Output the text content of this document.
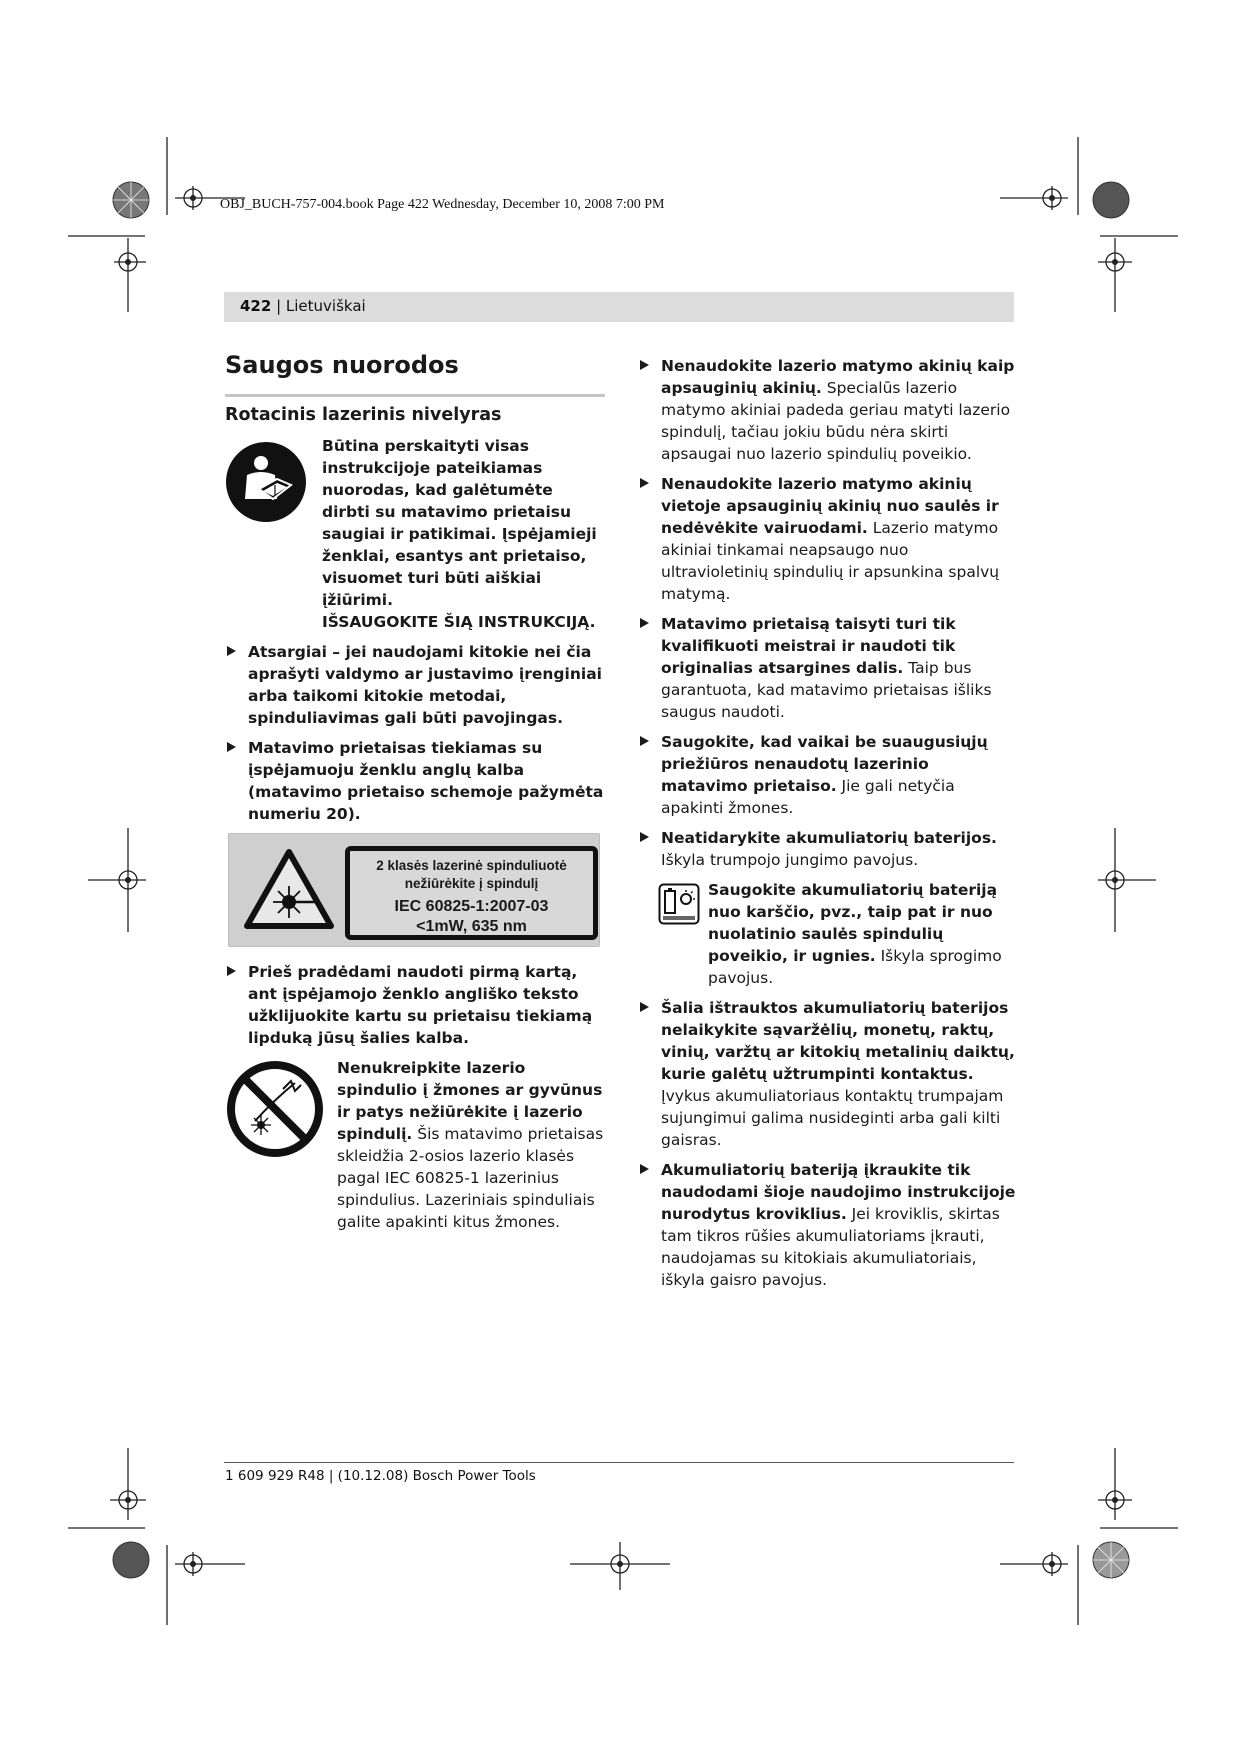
OBJ_BUCH-757-004.book Page 422 Wednesday, December 10, 2008 7:00 PM
422 | Lietuviškai
Saugos nuorodos
Rotacinis lazerinis nivelyras

Būtina perskaityti visas instrukcijoje pateikiamas nuorodas, kad galėtumėte dirbti su matavimo prietaisu saugiai ir patikimai. Įspėjamieji ženklai, esantys ant prietaiso, visuomet turi būti aiškiai įžiūrimi.

IŠSAUGOKITE ŠIĄ INSTRUKCIJĄ.

Atsargiai – jei naudojami kitokie nei čia aprašyti valdymo ar justavimo įrenginiai arba taikomi kitokie metodai, spinduliavimas gali būti pavojingas.
Matavimo prietaisas tiekiamas su įspėjamuoju ženklu anglų kalba (matavimo prietaiso schemoje pažymėta numeriu 20).
2 klasės lazerinė spinduliuotė
nežiūrėkite į spindulį
IEC 60825-1:2007-03
<1mW, 635 nm
Prieš pradėdami naudoti pirmą kartą, ant įspėjamojo ženklo angliško teksto užklijuokite kartu su prietaisu tiekiamą lipduką jūsų šalies kalba.
Nenukreipkite lazerio spindulio į žmones ar gyvūnus ir patys nežiūrėkite į lazerio spindulį. Šis matavimo prietaisas skleidžia 2-osios lazerio klasės pagal IEC 60825-1 lazerinius spindulius. Lazeriniais spinduliais galite apakinti kitus žmones.
Nenaudokite lazerio matymo akinių kaip apsauginių akinių. Specialūs lazerio matymo akiniai padeda geriau matyti lazerio spindulį, tačiau jokiu būdu nėra skirti apsaugai nuo lazerio spindulių poveikio.
Nenaudokite lazerio matymo akinių vietoje apsauginių akinių nuo saulės ir nedėvėkite vairuodami. Lazerio matymo akiniai tinkamai neapsaugo nuo ultravioletinių spindulių ir apsunkina spalvų matymą.
Matavimo prietaisą taisyti turi tik kvalifikuoti meistrai ir naudoti tik originalias atsargines dalis. Taip bus garantuota, kad matavimo prietaisas išliks saugus naudoti.
Saugokite, kad vaikai be suaugusiųjų priežiūros nenaudotų lazerinio matavimo prietaiso. Jie gali netyčia apakinti žmones.
Neatidarykite akumuliatorių baterijos. Iškyla trumpojo jungimo pavojus.
Saugokite akumuliatorių bateriją nuo karščio, pvz., taip pat ir nuo nuolatinio saulės spindulių poveikio, ir ugnies. Iškyla sprogimo pavojus.
Šalia ištrauktos akumuliatorių baterijos nelaikykite sąvaržėlių, monetų, raktų, vinių, varžtų ar kitokių metalinių daiktų, kurie galėtų užtrumpinti kontaktus. Įvykus akumuliatoriaus kontaktų trumpajam sujungimui galima nusideginti arba gali kilti gaisras.
Akumuliatorių bateriją įkraukite tik naudodami šioje naudojimo instrukcijoje nurodytus kroviklius. Jei kroviklis, skirtas tam tikros rūšies akumuliatoriams įkrauti, naudojamas su kitokiais akumuliatoriais, iškyla gaisro pavojus.
1 609 929 R48 | (10.12.08) Bosch Power Tools
